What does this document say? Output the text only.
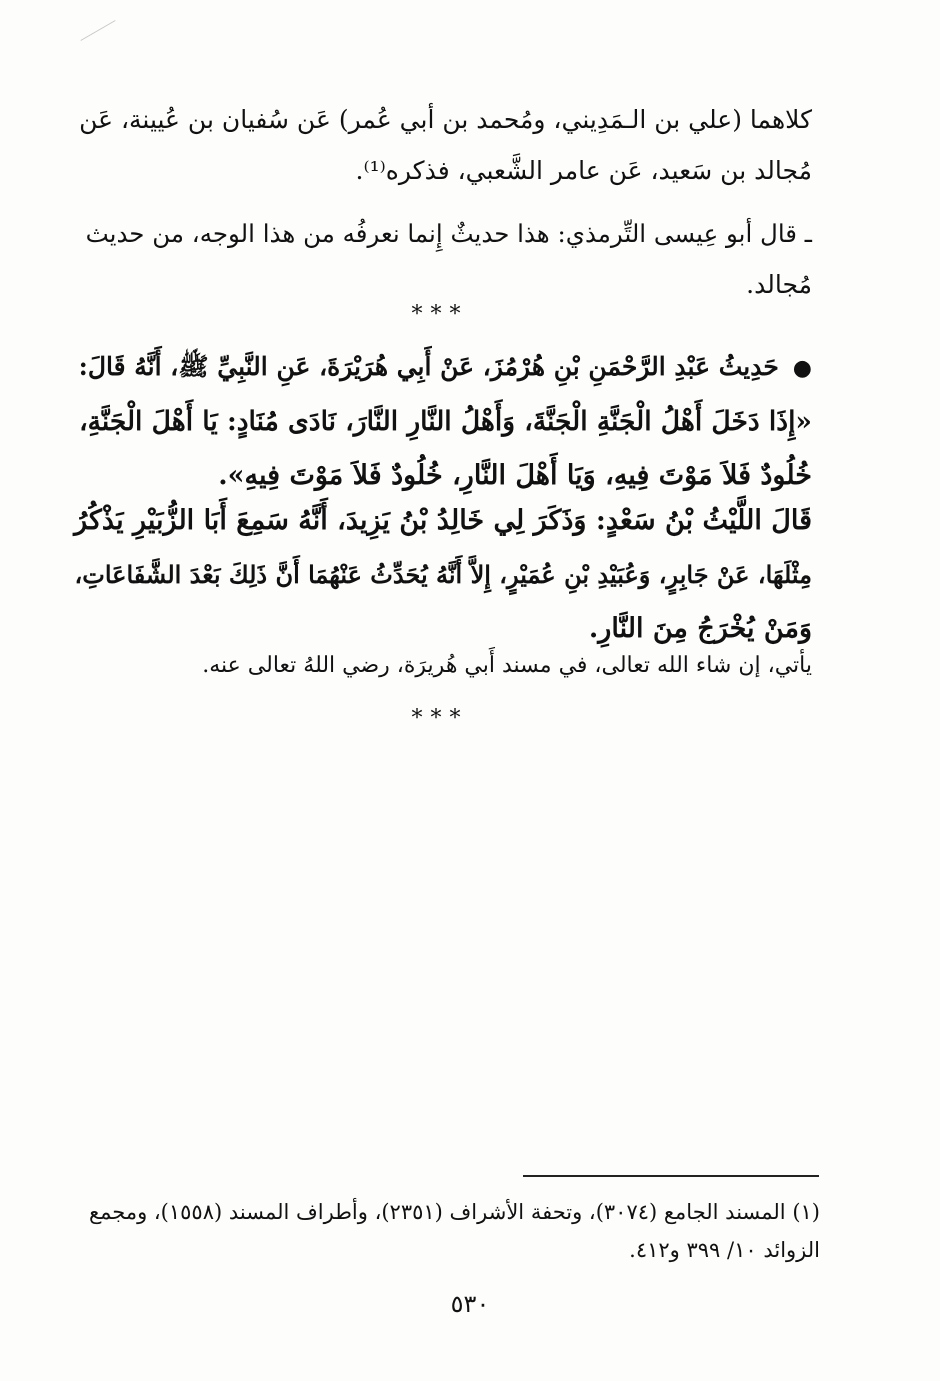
كلاهما (علي بن الـمَدِيني، ومُحمد بن أبي عُمر) عَن سُفيان بن عُيينة، عَن
مُجالد بن سَعيد، عَن عامر الشَّعبي، فذكره⁽¹⁾.
ـ قال أبو عِيسى التِّرمذي: هذا حديثٌ إِنما نعرفُه من هذا الوجه، من حديث
مُجالد.
***
●حَدِيثُ عَبْدِ الرَّحْمَنِ بْنِ هُرْمُزَ، عَنْ أَبِي هُرَيْرَةَ، عَنِ النَّبِيِّ ﷺ، أَنَّهُ قَالَ:
«إِذَا دَخَلَ أَهْلُ الْجَنَّةِ الْجَنَّةَ، وَأَهْلُ النَّارِ النَّارَ، نَادَى مُنَادٍ: يَا أَهْلَ الْجَنَّةِ،
خُلُودٌ فَلاَ مَوْتَ فِيهِ، وَيَا أَهْلَ النَّارِ، خُلُودٌ فَلاَ مَوْتَ فِيهِ».
قَالَ اللَّيْثُ بْنُ سَعْدٍ: وَذَكَرَ لِي خَالِدُ بْنُ يَزِيدَ، أَنَّهُ سَمِعَ أَبَا الزُّبَيْرِ يَذْكُرُ
مِثْلَهَا، عَنْ جَابِرٍ، وَعُبَيْدِ بْنِ عُمَيْرٍ، إِلاَّ أَنَّهُ يُحَدِّثُ عَنْهُمَا أَنَّ ذَلِكَ بَعْدَ الشَّفَاعَاتِ،
وَمَنْ يُخْرَجُ مِنَ النَّارِ.
يأتي، إن شاء الله تعالى، في مسند أَبي هُريرَة، رضي اللهُ تعالى عنه.
***
(١) المسند الجامع (٣٠٧٤)، وتحفة الأشراف (٢٣٥١)، وأطراف المسند (١٥٥٨)، ومجمع
الزوائد ١٠/ ٣٩٩ و٤١٢.
٥٣٠
